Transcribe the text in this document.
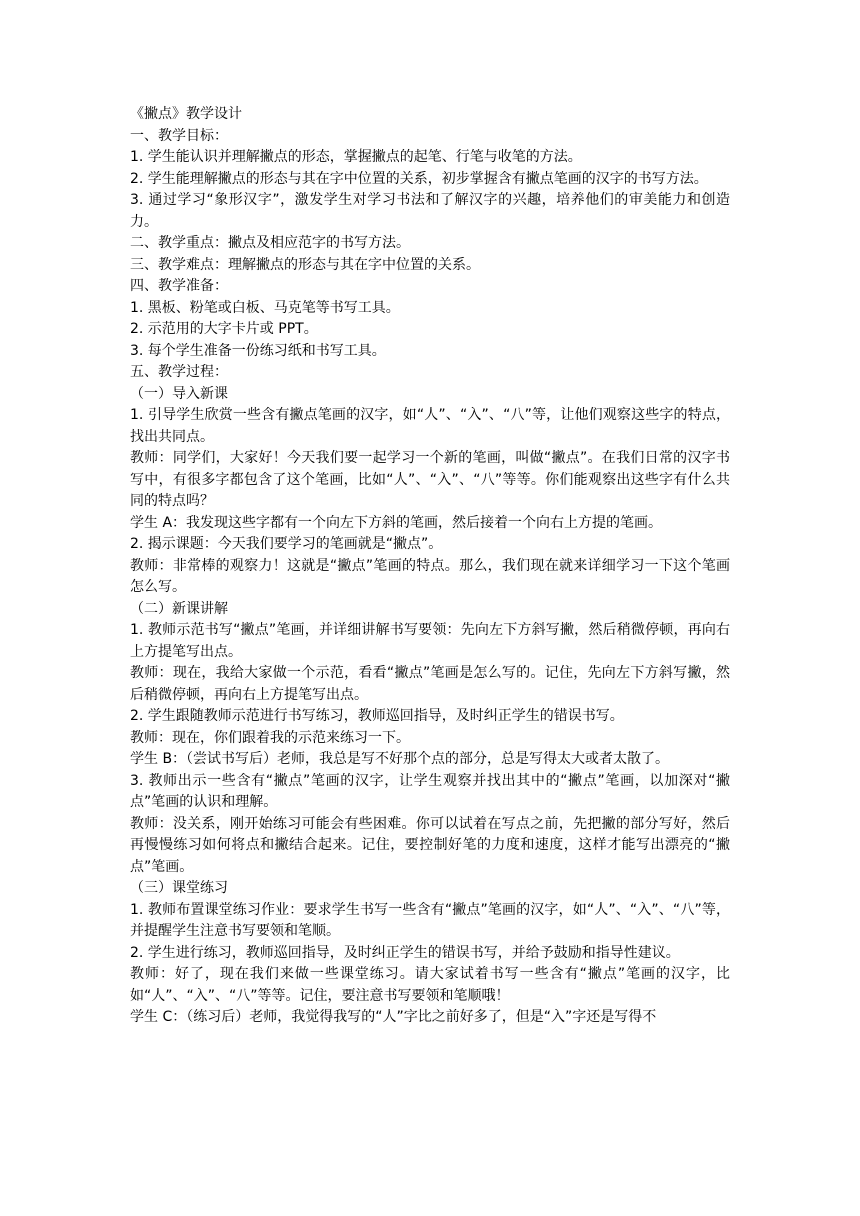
《撇点》教学设计

一、教学目标：

1. 学生能认识并理解撇点的形态，掌握撇点的起笔、行笔与收笔的方法。

2. 学生能理解撇点的形态与其在字中位置的关系，初步掌握含有撇点笔画的汉字的书写方法。

3. 通过学习“象形汉字”，激发学生对学习书法和了解汉字的兴趣，培养他们的审美能力和创造力。

二、教学重点：撇点及相应范字的书写方法。

三、教学难点：理解撇点的形态与其在字中位置的关系。

四、教学准备：

1. 黑板、粉笔或白板、马克笔等书写工具。

2. 示范用的大字卡片或 PPT。

3. 每个学生准备一份练习纸和书写工具。

五、教学过程：

（一）导入新课

1. 引导学生欣赏一些含有撇点笔画的汉字，如“人”、“入”、“八”等，让他们观察这些字的特点，找出共同点。

教师：同学们，大家好！今天我们要一起学习一个新的笔画，叫做“撇点”。在我们日常的汉字书写中，有很多字都包含了这个笔画，比如“人”、“入”、“八”等等。你们能观察出这些字有什么共同的特点吗？

学生 A：我发现这些字都有一个向左下方斜的笔画，然后接着一个向右上方提的笔画。

2. 揭示课题：今天我们要学习的笔画就是“撇点”。

教师：非常棒的观察力！这就是“撇点”笔画的特点。那么，我们现在就来详细学习一下这个笔画怎么写。

（二）新课讲解

1. 教师示范书写“撇点”笔画，并详细讲解书写要领：先向左下方斜写撇，然后稍微停顿，再向右上方提笔写出点。

教师：现在，我给大家做一个示范，看看“撇点”笔画是怎么写的。记住，先向左下方斜写撇，然后稍微停顿，再向右上方提笔写出点。

2. 学生跟随教师示范进行书写练习，教师巡回指导，及时纠正学生的错误书写。

教师：现在，你们跟着我的示范来练习一下。

学生 B：（尝试书写后）老师，我总是写不好那个点的部分，总是写得太大或者太散了。

3. 教师出示一些含有“撇点”笔画的汉字，让学生观察并找出其中的“撇点”笔画，以加深对“撇点”笔画的认识和理解。

教师：没关系，刚开始练习可能会有些困难。你可以试着在写点之前，先把撇的部分写好，然后再慢慢练习如何将点和撇结合起来。记住，要控制好笔的力度和速度，这样才能写出漂亮的“撇点”笔画。

（三）课堂练习

1. 教师布置课堂练习作业：要求学生书写一些含有“撇点”笔画的汉字，如“人”、“入”、“八”等，并提醒学生注意书写要领和笔顺。

2. 学生进行练习，教师巡回指导，及时纠正学生的错误书写，并给予鼓励和指导性建议。

教师：好了，现在我们来做一些课堂练习。请大家试着书写一些含有“撇点”笔画的汉字，比如“人”、“入”、“八”等等。记住，要注意书写要领和笔顺哦！

学生 C：（练习后）老师，我觉得我写的“人”字比之前好多了，但是“入”字还是写得不
